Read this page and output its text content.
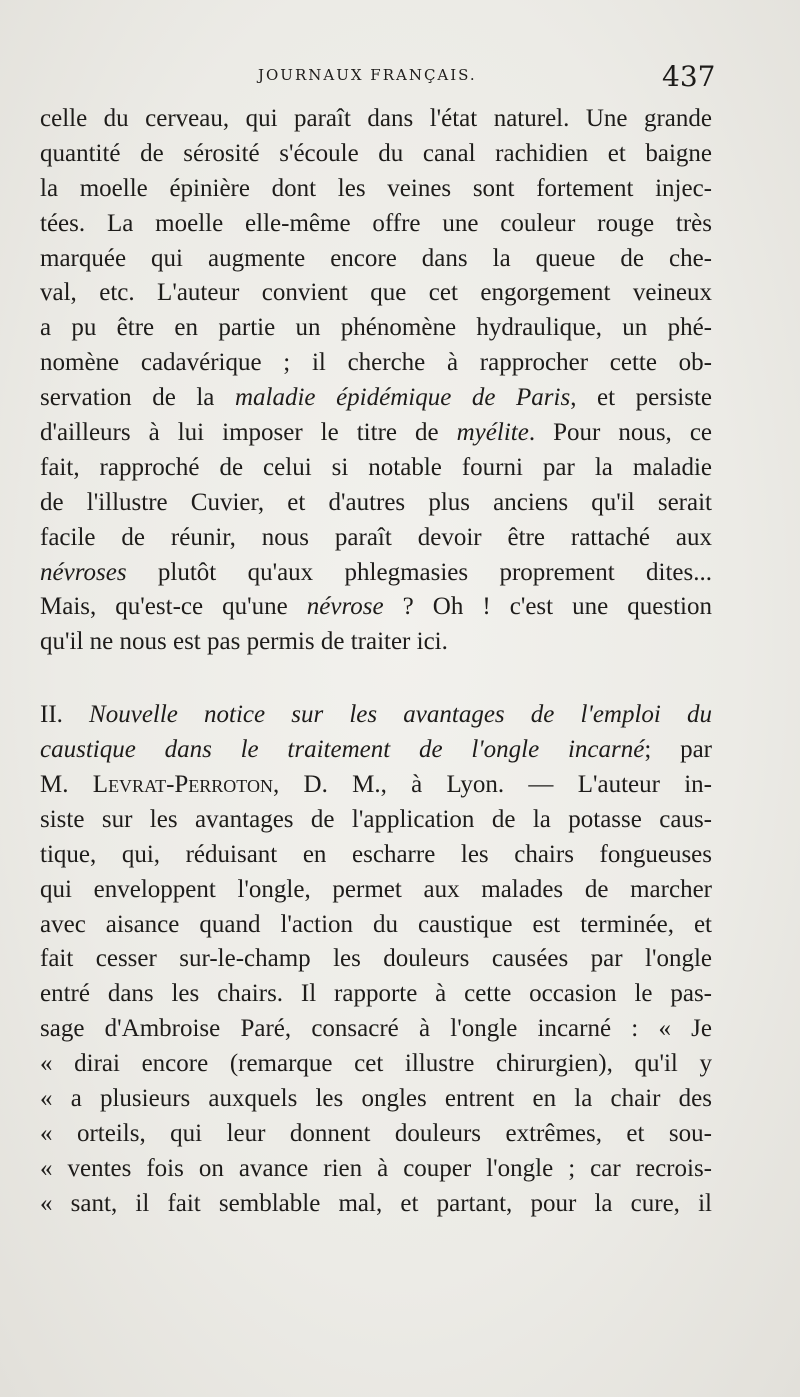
JOURNAUX FRANÇAIS.	437
celle du cerveau, qui paraît dans l'état naturel. Une grande
quantité de sérosité s'écoule du canal rachidien et baigne
la moelle épinière dont les veines sont fortement injec-
tées. La moelle elle-même offre une couleur rouge très
marquée qui augmente encore dans la queue de che-
val, etc. L'auteur convient que cet engorgement veineux
a pu être en partie un phénomène hydraulique, un phé-
nomène cadavérique ; il cherche à rapprocher cette ob-
servation de la maladie épidémique de Paris, et persiste
d'ailleurs à lui imposer le titre de myélite. Pour nous, ce
fait, rapproché de celui si notable fourni par la maladie
de l'illustre Cuvier, et d'autres plus anciens qu'il serait
facile de réunir, nous paraît devoir être rattaché aux
névroses plutôt qu'aux phlegmasies proprement dites...
Mais, qu'est-ce qu'une névrose ? Oh ! c'est une question
qu'il ne nous est pas permis de traiter ici.
II. Nouvelle notice sur les avantages de l'emploi du
caustique dans le traitement de l'ongle incarné; par
M. LEVRAT-PERROTON, D. M., à Lyon. — L'auteur in-
siste sur les avantages de l'application de la potasse caus-
tique, qui, réduisant en escharre les chairs fongueuses
qui enveloppent l'ongle, permet aux malades de marcher
avec aisance quand l'action du caustique est terminée, et
fait cesser sur-le-champ les douleurs causées par l'ongle
entré dans les chairs. Il rapporte à cette occasion le pas-
sage d'Ambroise Paré, consacré à l'ongle incarné : « Je
« dirai encore (remarque cet illustre chirurgien), qu'il y
« a plusieurs auxquels les ongles entrent en la chair des
« orteils, qui leur donnent douleurs extrêmes, et sou-
« ventes fois on avance rien à couper l'ongle ; car recrois-
« sant, il fait semblable mal, et partant, pour la cure, il
